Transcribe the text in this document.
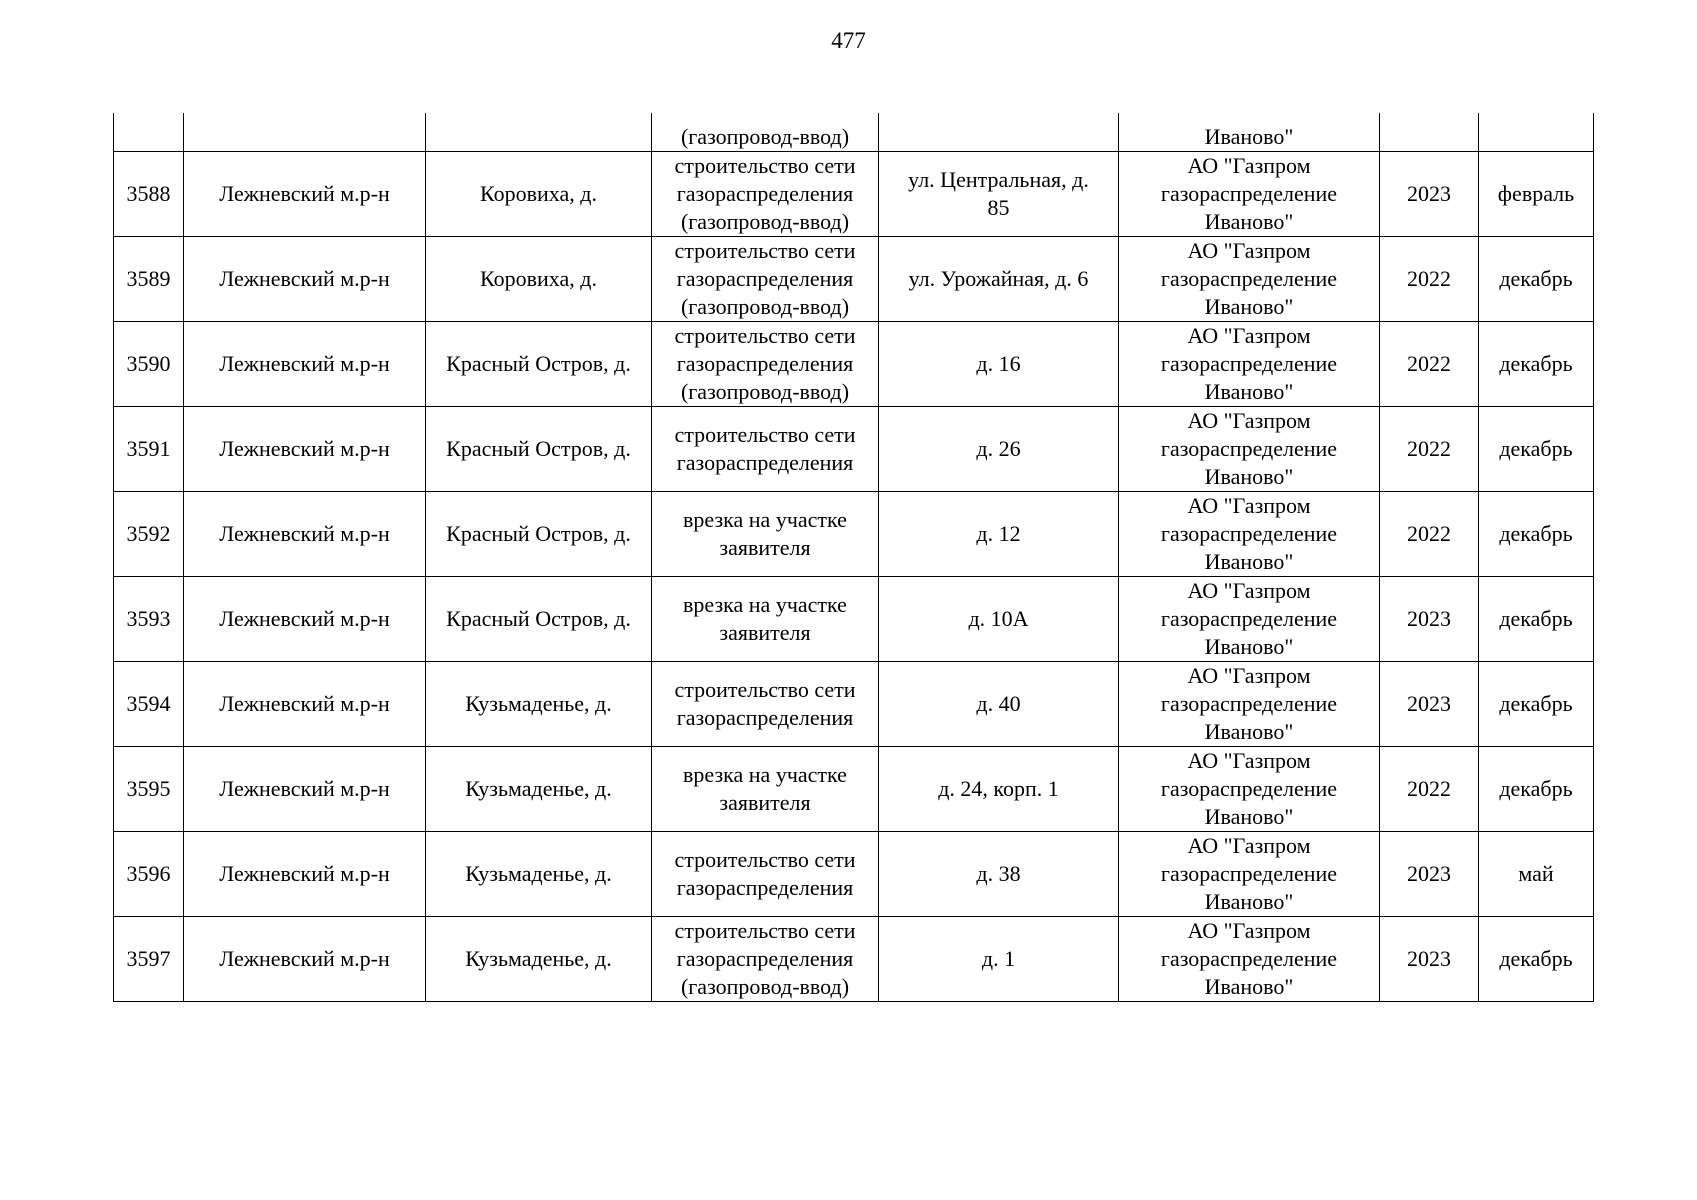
477
			(газопровод-ввод)		Иваново"		
3588	Лежневский м.р-н	Коровиха, д.	строительство сети
газораспределения
(газопровод-ввод)	ул. Центральная, д.
85	АО "Газпром
газораспределение
Иваново"	2023	февраль
3589	Лежневский м.р-н	Коровиха, д.	строительство сети
газораспределения
(газопровод-ввод)	ул. Урожайная, д. 6	АО "Газпром
газораспределение
Иваново"	2022	декабрь
3590	Лежневский м.р-н	Красный Остров, д.	строительство сети
газораспределения
(газопровод-ввод)	д. 16	АО "Газпром
газораспределение
Иваново"	2022	декабрь
3591	Лежневский м.р-н	Красный Остров, д.	строительство сети
газораспределения	д. 26	АО "Газпром
газораспределение
Иваново"	2022	декабрь
3592	Лежневский м.р-н	Красный Остров, д.	врезка на участке
заявителя	д. 12	АО "Газпром
газораспределение
Иваново"	2022	декабрь
3593	Лежневский м.р-н	Красный Остров, д.	врезка на участке
заявителя	д. 10А	АО "Газпром
газораспределение
Иваново"	2023	декабрь
3594	Лежневский м.р-н	Кузьмаденье, д.	строительство сети
газораспределения	д. 40	АО "Газпром
газораспределение
Иваново"	2023	декабрь
3595	Лежневский м.р-н	Кузьмаденье, д.	врезка на участке
заявителя	д. 24, корп. 1	АО "Газпром
газораспределение
Иваново"	2022	декабрь
3596	Лежневский м.р-н	Кузьмаденье, д.	строительство сети
газораспределения	д. 38	АО "Газпром
газораспределение
Иваново"	2023	май
3597	Лежневский м.р-н	Кузьмаденье, д.	строительство сети
газораспределения
(газопровод-ввод)	д. 1	АО "Газпром
газораспределение
Иваново"	2023	декабрь
